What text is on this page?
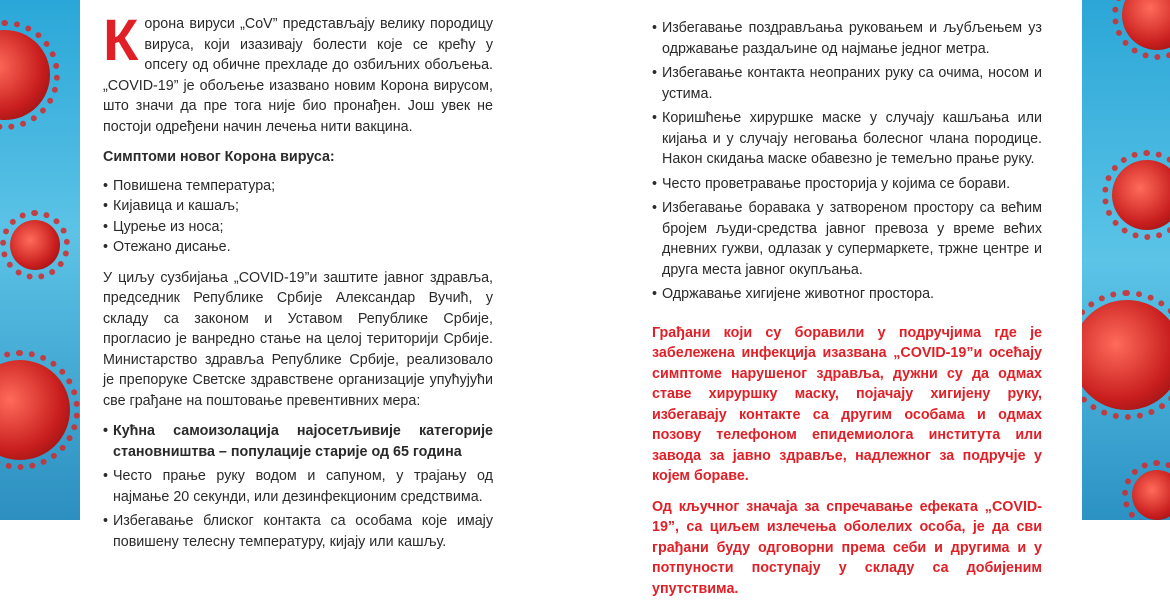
Корона вируси „CoV” представљају велику породицу вируса, који изазивају болести које се крећу у опсегу од обичне прехладе до озбиљних обољења. „COVID-19” је обољење изазвано новим Корона вирусом, што значи да пре тога није био пронађен. Још увек не постоји одређени начин лечења нити вакцина.

Симптоми новог Корона вируса:
• Повишена температура;
• Кијавица и кашаљ;
• Цурење из носа;
• Отежано дисање.

У циљу сузбијања „COVID-19”и заштите јавног здравља, председник Републике Србије Александар Вучић, у складу са законом и Уставом Републике Србије, прогласио је ванредно стање на целој територији Србије. Министарство здравља Републике Србије, реализовало је препоруке Светске здравствене организације упућујући све грађане на поштовање превентивних мера:

• Кућна самоизолација најосетљивије категорије становништва – популације старије од 65 година
• Често прање руку водом и сапуном, у трајању од најмање 20 секунди, или дезинфекционим средствима.
• Избегавање блиског контакта са особама које имају повишену телесну температуру, кијају или кашљу.
• Избегавање поздрављања руковањем и љубљењем уз одржавање раздаљине од најмање једног метра.
• Избегавање контакта неопраних руку са очима, носом и устима.
• Коришћење хируршке маске у случају кашљања или кијања и у случају неговања болесног члана породице. Након скидања маске обавезно је темељно прање руку.
• Често проветравање просторија у којима се борави.
• Избегавање боравака у затвореном простору са већим бројем људи-средства јавног превоза у време већих дневних гужви, одлазак у супермаркете, тржне центре и друга места јавног окупљања.
• Одржавање хигијене животног простора.

Грађани који су боравили у подручјима где је забележена инфекција изазвана „COVID-19”и осећају симптоме нарушеног здравља, дужни су да одмах ставе хируршку маску, појачају хигијену руку, избегавају контакте са другим особама и одмах позову телефоном епидемиолога института или завода за јавно здравље, надлежног за подручје у којем бораве.

Од кључног значаја за спречавање ефеката „COVID-19”, са циљем излечења оболелих особа, је да сви грађани буду одговорни према себи и другима и у потпуности поступају у складу са добијеним упутствима.
